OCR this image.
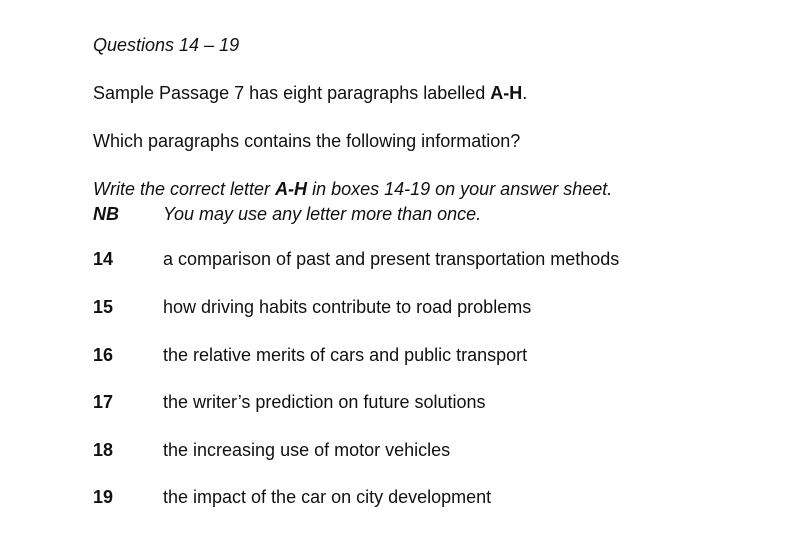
Questions 14 – 19
Sample Passage 7 has eight paragraphs labelled A-H.
Which paragraphs contains the following information?
Write the correct letter A-H in boxes 14-19 on your answer sheet.
NB You may use any letter more than once.
14	a comparison of past and present transportation methods
15	how driving habits contribute to road problems
16	the relative merits of cars and public transport
17	the writer’s prediction on future solutions
18	the increasing use of motor vehicles
19	the impact of the car on city development
